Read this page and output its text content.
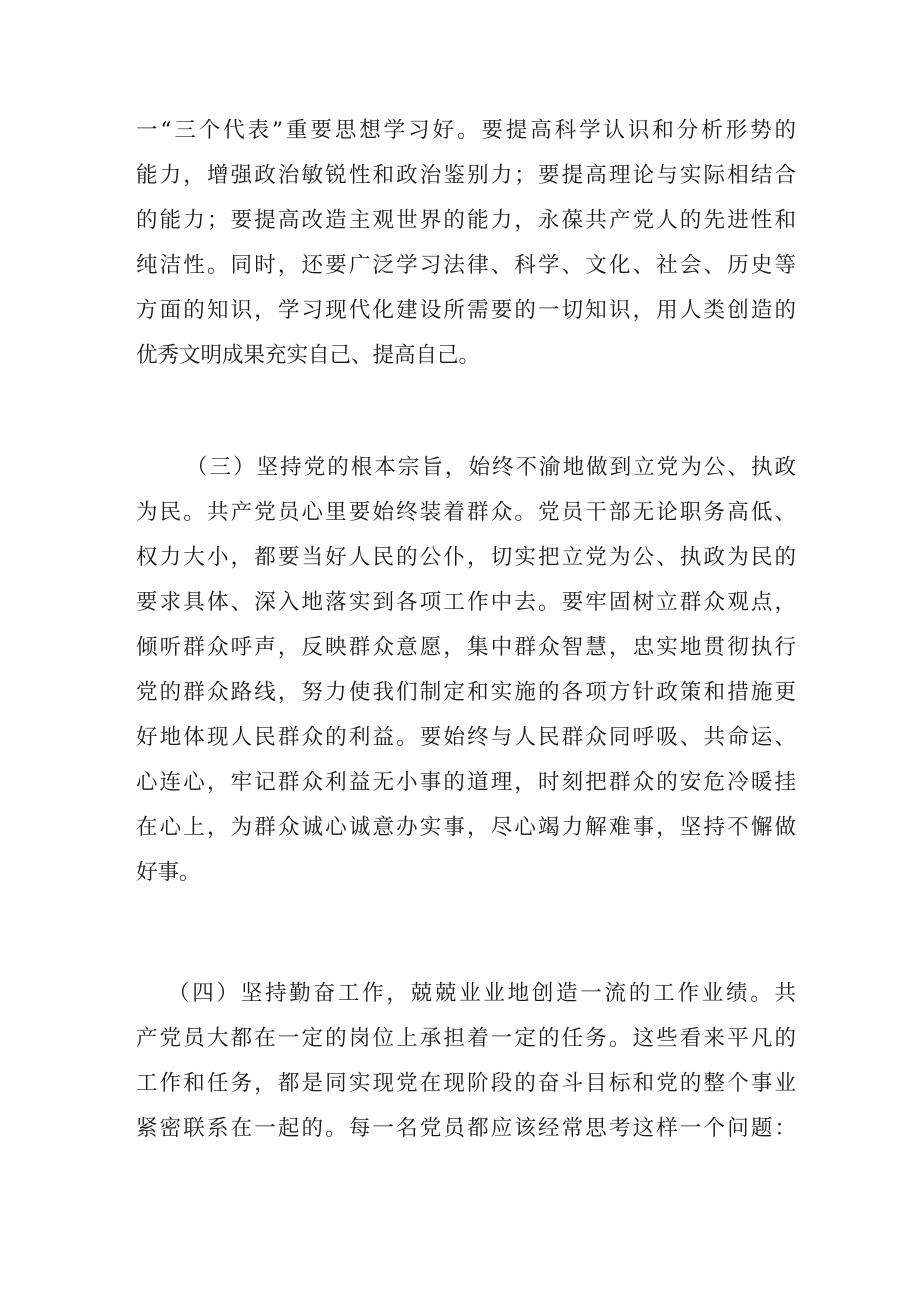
一“三个代表”重要思想学习好。要提高科学认识和分析形势的
能力，增强政治敏锐性和政治鉴别力；要提高理论与实际相结合
的能力；要提高改造主观世界的能力，永葆共产党人的先进性和
纯洁性。同时，还要广泛学习法律、科学、文化、社会、历史等
方面的知识，学习现代化建设所需要的一切知识，用人类创造的
优秀文明成果充实自己、提高自己。
（三）坚持党的根本宗旨，始终不渝地做到立党为公、执政
为民。共产党员心里要始终装着群众。党员干部无论职务高低、
权力大小，都要当好人民的公仆，切实把立党为公、执政为民的
要求具体、深入地落实到各项工作中去。要牢固树立群众观点，
倾听群众呼声，反映群众意愿，集中群众智慧，忠实地贯彻执行
党的群众路线，努力使我们制定和实施的各项方针政策和措施更
好地体现人民群众的利益。要始终与人民群众同呼吸、共命运、
心连心，牢记群众利益无小事的道理，时刻把群众的安危冷暖挂
在心上，为群众诚心诚意办实事，尽心竭力解难事，坚持不懈做
好事。
（四）坚持勤奋工作，兢兢业业地创造一流的工作业绩。共
产党员大都在一定的岗位上承担着一定的任务。这些看来平凡的
工作和任务，都是同实现党在现阶段的奋斗目标和党的整个事业
紧密联系在一起的。每一名党员都应该经常思考这样一个问题：
